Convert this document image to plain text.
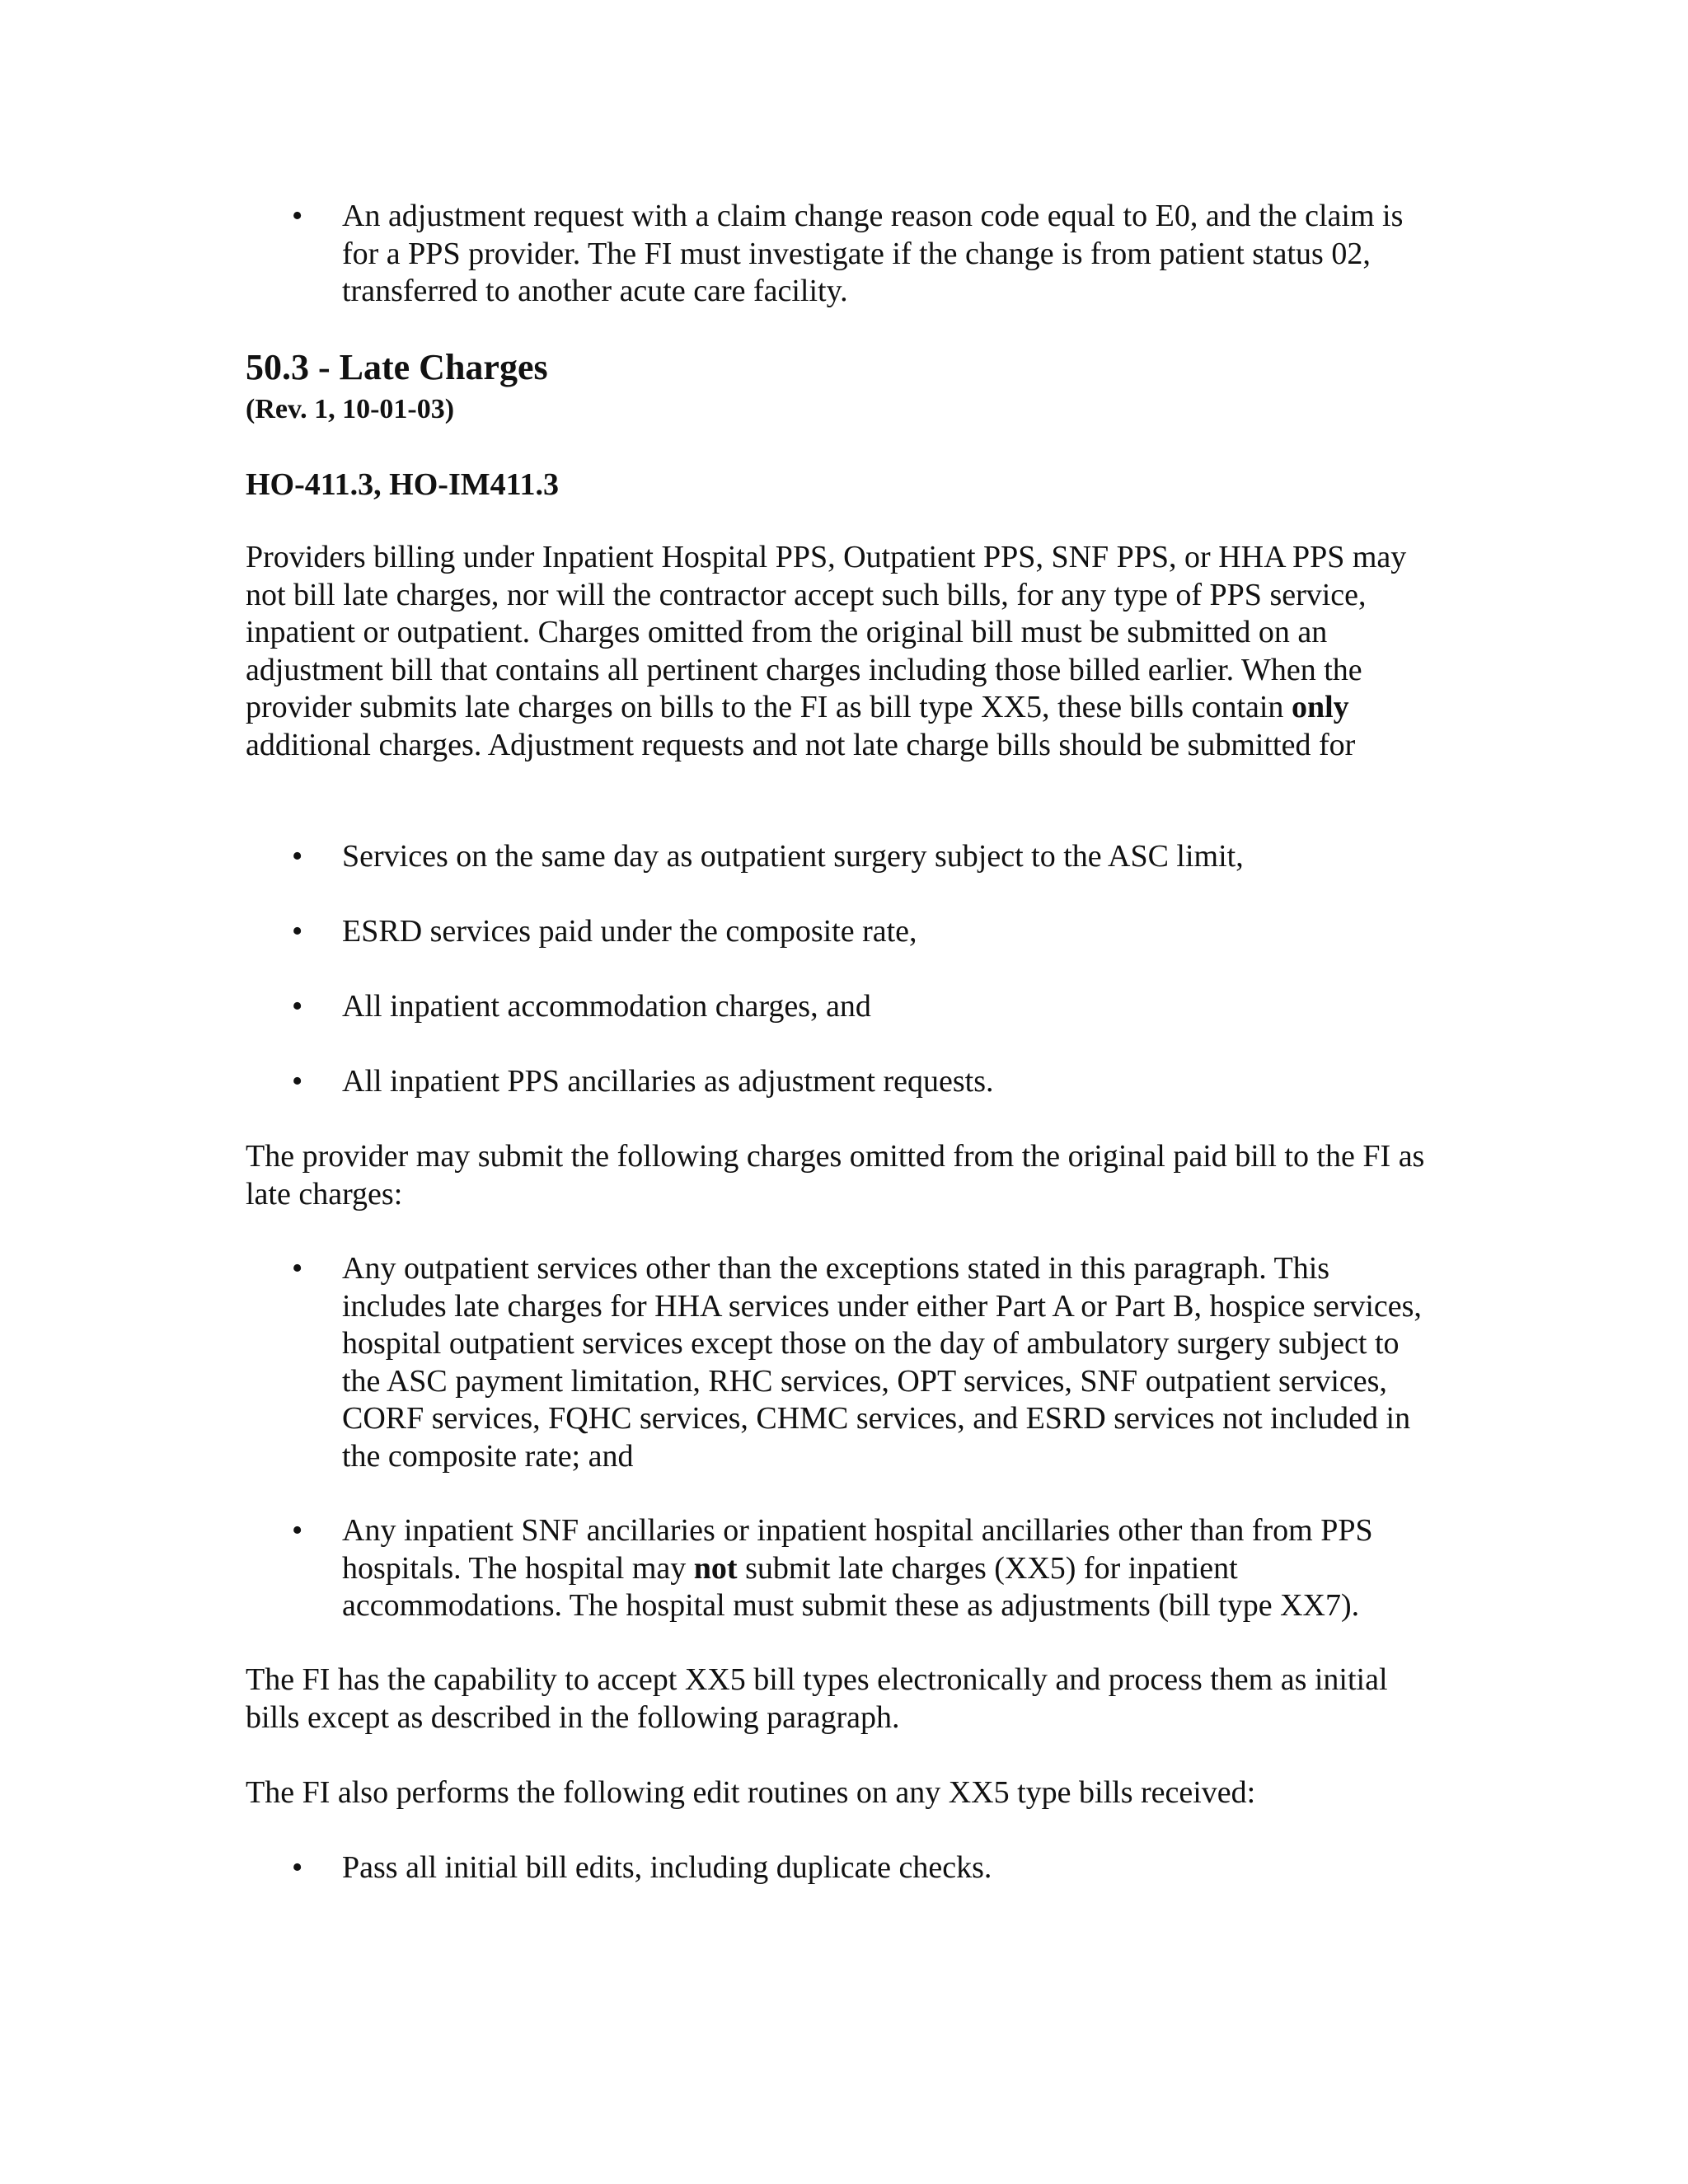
•	An adjustment request with a claim change reason code equal to E0, and the claim is for a PPS provider. The FI must investigate if the change is from patient status 02, transferred to another acute care facility.

50.3 - Late Charges
(Rev. 1, 10-01-03)
HO-411.3, HO-IM411.3

Providers billing under Inpatient Hospital PPS, Outpatient PPS, SNF PPS, or HHA PPS may not bill late charges, nor will the contractor accept such bills, for any type of PPS service, inpatient or outpatient. Charges omitted from the original bill must be submitted on an adjustment bill that contains all pertinent charges including those billed earlier. When the provider submits late charges on bills to the FI as bill type XX5, these bills contain only additional charges. Adjustment requests and not late charge bills should be submitted for

•	Services on the same day as outpatient surgery subject to the ASC limit,

•	ESRD services paid under the composite rate,

•	All inpatient accommodation charges, and

•	All inpatient PPS ancillaries as adjustment requests.

The provider may submit the following charges omitted from the original paid bill to the FI as late charges:

•	Any outpatient services other than the exceptions stated in this paragraph. This includes late charges for HHA services under either Part A or Part B, hospice services, hospital outpatient services except those on the day of ambulatory surgery subject to the ASC payment limitation, RHC services, OPT services, SNF outpatient services, CORF services, FQHC services, CHMC services, and ESRD services not included in the composite rate; and

•	Any inpatient SNF ancillaries or inpatient hospital ancillaries other than from PPS hospitals. The hospital may not submit late charges (XX5) for inpatient accommodations. The hospital must submit these as adjustments (bill type XX7).

The FI has the capability to accept XX5 bill types electronically and process them as initial bills except as described in the following paragraph.

The FI also performs the following edit routines on any XX5 type bills received:

•	Pass all initial bill edits, including duplicate checks.
